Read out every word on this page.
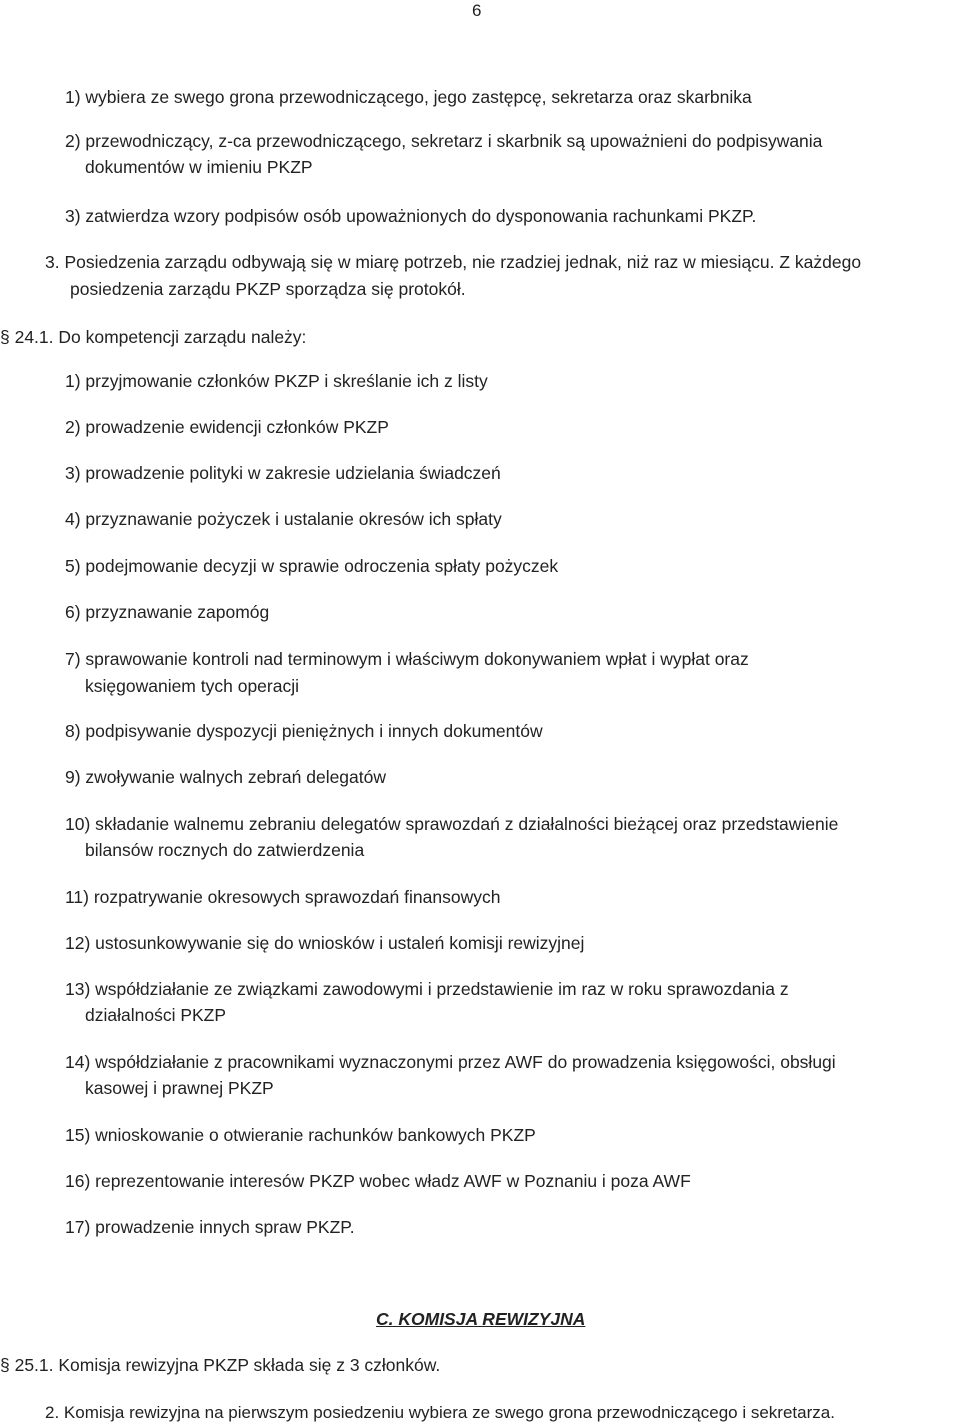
6

1) wybiera ze swego grona przewodniczącego, jego zastępcę, sekretarza oraz skarbnika

2) przewodniczący, z-ca przewodniczącego, sekretarz i skarbnik są upoważnieni do podpisywania

dokumentów w imieniu PKZP

3) zatwierdza wzory podpisów osób upoważnionych do dysponowania rachunkami PKZP.

3. Posiedzenia zarządu odbywają się w miarę potrzeb, nie rzadziej jednak, niż raz w miesiącu. Z każdego

posiedzenia zarządu PKZP sporządza się protokół.

§ 24.1. Do kompetencji zarządu należy:

1) przyjmowanie członków PKZP i skreślanie ich z listy

2) prowadzenie ewidencji członków PKZP

3) prowadzenie polityki w zakresie udzielania świadczeń

4) przyznawanie pożyczek i ustalanie okresów ich spłaty

5) podejmowanie decyzji w sprawie odroczenia spłaty pożyczek

6) przyznawanie zapomóg

7) sprawowanie kontroli nad terminowym i właściwym dokonywaniem wpłat i wypłat oraz

księgowaniem tych operacji

8) podpisywanie dyspozycji pieniężnych i innych dokumentów

9) zwoływanie walnych zebrań delegatów

10) składanie walnemu zebraniu delegatów sprawozdań z działalności bieżącej oraz przedstawienie

bilansów rocznych do zatwierdzenia

11) rozpatrywanie okresowych sprawozdań finansowych

12) ustosunkowywanie się do wniosków i ustaleń komisji rewizyjnej

13) współdziałanie ze związkami zawodowymi i przedstawienie im raz w roku sprawozdania z

działalności PKZP

14) współdziałanie z pracownikami wyznaczonymi przez AWF do prowadzenia księgowości, obsługi

kasowej i prawnej PKZP

15) wnioskowanie o otwieranie rachunków bankowych PKZP

16) reprezentowanie interesów PKZP wobec władz AWF w Poznaniu i poza AWF

17) prowadzenie innych spraw PKZP.

C. KOMISJA REWIZYJNA

§ 25.1. Komisja rewizyjna PKZP składa się z 3 członków.

2. Komisja rewizyjna na pierwszym posiedzeniu wybiera ze swego grona przewodniczącego i sekretarza.
